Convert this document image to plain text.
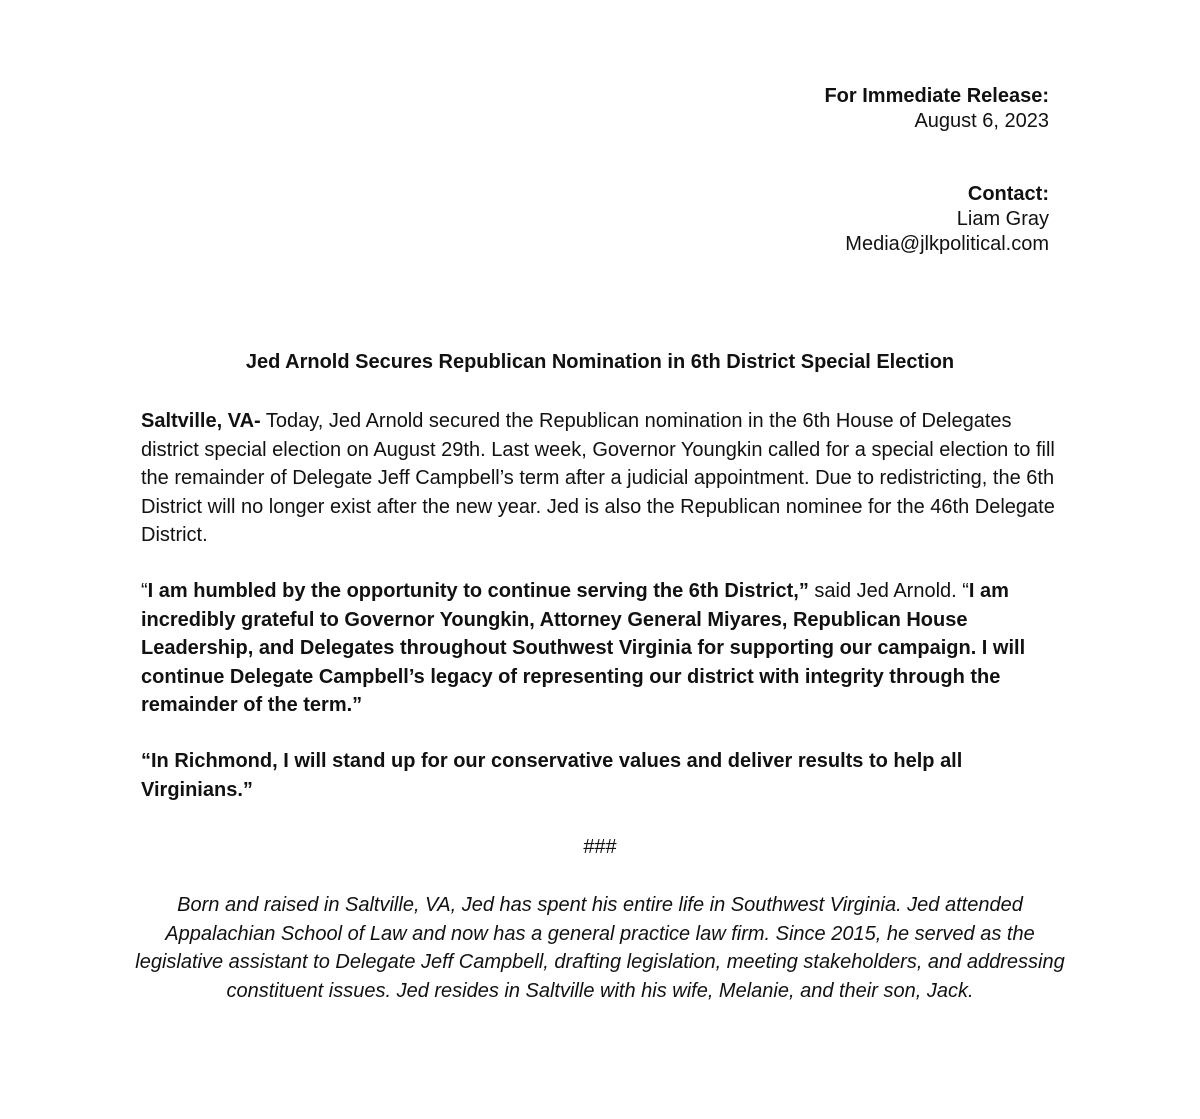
For Immediate Release:
August 6, 2023
Contact:
Liam Gray
Media@jlkpolitical.com
Jed Arnold Secures Republican Nomination in 6th District Special Election

Saltville, VA- Today, Jed Arnold secured the Republican nomination in the 6th House of Delegates district special election on August 29th. Last week, Governor Youngkin called for a special election to fill the remainder of Delegate Jeff Campbell’s term after a judicial appointment. Due to redistricting, the 6th District will no longer exist after the new year. Jed is also the Republican nominee for the 46th Delegate District.

“I am humbled by the opportunity to continue serving the 6th District,” said Jed Arnold. “I am incredibly grateful to Governor Youngkin, Attorney General Miyares, Republican House Leadership, and Delegates throughout Southwest Virginia for supporting our campaign. I will continue Delegate Campbell’s legacy of representing our district with integrity through the remainder of the term.”

“In Richmond, I will stand up for our conservative values and deliver results to help all Virginians.”

###

Born and raised in Saltville, VA, Jed has spent his entire life in Southwest Virginia. Jed attended Appalachian School of Law and now has a general practice law firm. Since 2015, he served as the legislative assistant to Delegate Jeff Campbell, drafting legislation, meeting stakeholders, and addressing constituent issues. Jed resides in Saltville with his wife, Melanie, and their son, Jack.
